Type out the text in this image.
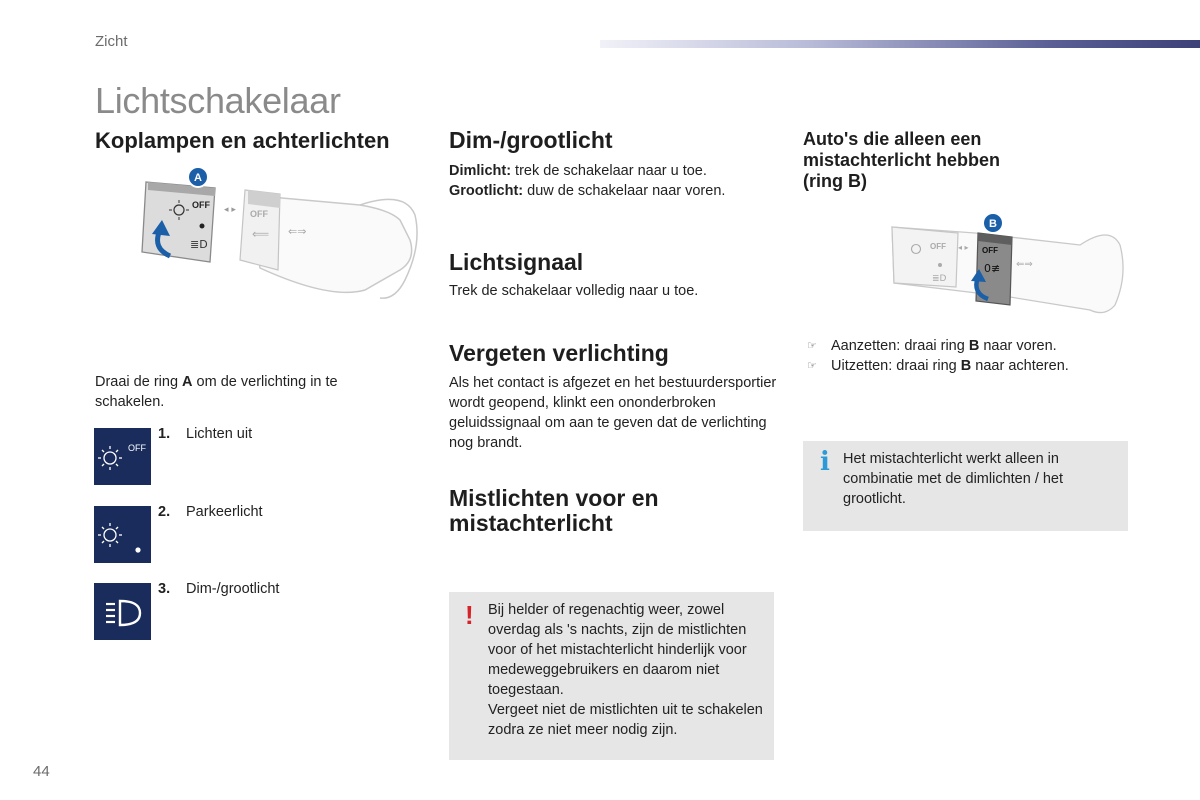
Zicht
Lichtschakelaar
Koplampen en achterlichten
OFF
⟸ ⇐⇒
OFF
≣D
◂ ▸
A
Draai de ring A om de verlichting in te schakelen.
OFF
1. Lichten uit
2. Parkeerlicht
3. Dim-/grootlicht
Dim-/grootlicht
Dimlicht: trek de schakelaar naar u toe.
Grootlicht: duw de schakelaar naar voren.
Lichtsignaal
Trek de schakelaar volledig naar u toe.
Vergeten verlichting
Als het contact is afgezet en het bestuurdersportier wordt geopend, klinkt een ononderbroken geluidssignaal om aan te geven dat de verlichting nog brandt.
Mistlichten voor en
mistachterlicht
! Bij helder of regenachtig weer, zowel overdag als 's nachts, zijn de mistlichten voor of het mistachterlicht hinderlijk voor medeweggebruikers en daarom niet toegestaan.
Vergeet niet de mistlichten uit te schakelen zodra ze niet meer nodig zijn.
Auto's die alleen een
mistachterlicht hebben
(ring B)
OFF
≣D
◂ ▸ OFF
0≢ ⇐⇒
B
☞ Aanzetten: draai ring B naar voren.
☞ Uitzetten: draai ring B naar achteren.
i Het mistachterlicht werkt alleen in combinatie met de dimlichten / het grootlicht.
44
